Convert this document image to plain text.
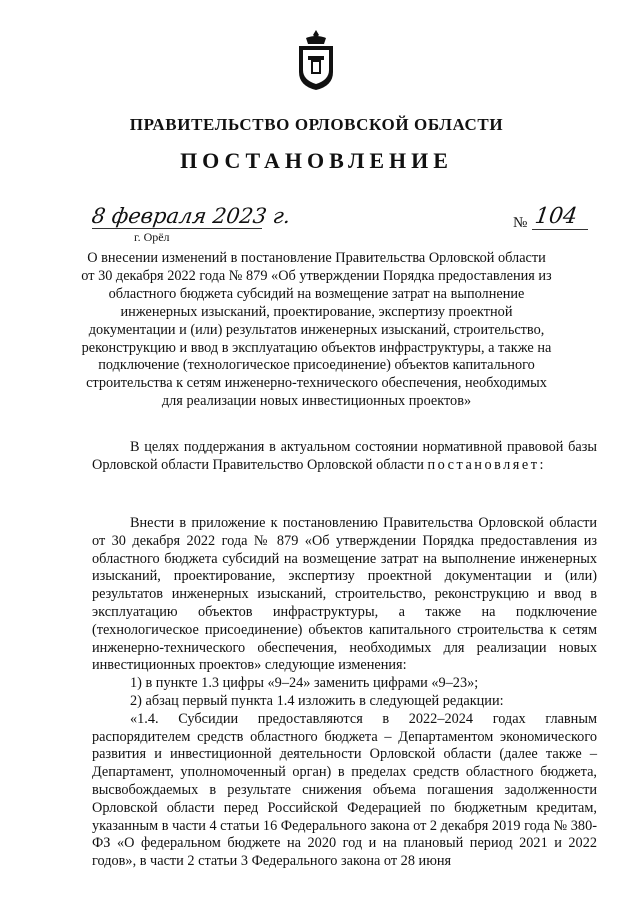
ПРАВИТЕЛЬСТВО ОРЛОВСКОЙ ОБЛАСТИ
ПОСТАНОВЛЕНИЕ
8 февраля 2023 г.
г. Орёл
№ 104
О внесении изменений в постановление Правительства Орловской области от 30 декабря 2022 года № 879 «Об утверждении Порядка предоставления из областного бюджета субсидий на возмещение затрат на выполнение инженерных изысканий, проектирование, экспертизу проектной документации и (или) результатов инженерных изысканий, строительство, реконструкцию и ввод в эксплуатацию объектов инфраструктуры, а также на подключение (технологическое присоединение) объектов капитального строительства к сетям инженерно-технического обеспечения, необходимых для реализации новых инвестиционных проектов»

В целях поддержания в актуальном состоянии нормативной правовой базы Орловской области Правительство Орловской области постановляет:

Внести в приложение к постановлению Правительства Орловской области от 30 декабря 2022 года № 879 «Об утверждении Порядка предоставления из областного бюджета субсидий на возмещение затрат на выполнение инженерных изысканий, проектирование, экспертизу проектной документации и (или) результатов инженерных изысканий, строительство, реконструкцию и ввод в эксплуатацию объектов инфраструктуры, а также на подключение (технологическое присоединение) объектов капитального строительства к сетям инженерно-технического обеспечения, необходимых для реализации новых инвестиционных проектов» следующие изменения:

1) в пункте 1.3 цифры «9–24» заменить цифрами «9–23»;

2) абзац первый пункта 1.4 изложить в следующей редакции:

«1.4. Субсидии предоставляются в 2022–2024 годах главным распорядителем средств областного бюджета – Департаментом экономического развития и инвестиционной деятельности Орловской области (далее также – Департамент, уполномоченный орган) в пределах средств областного бюджета, высвобождаемых в результате снижения объема погашения задолженности Орловской области перед Российской Федерацией по бюджетным кредитам, указанным в части 4 статьи 16 Федерального закона от 2 декабря 2019 года № 380-ФЗ «О федеральном бюджете на 2020 год и на плановый период 2021 и 2022 годов», в части 2 статьи 3 Федерального закона от 28 июня
